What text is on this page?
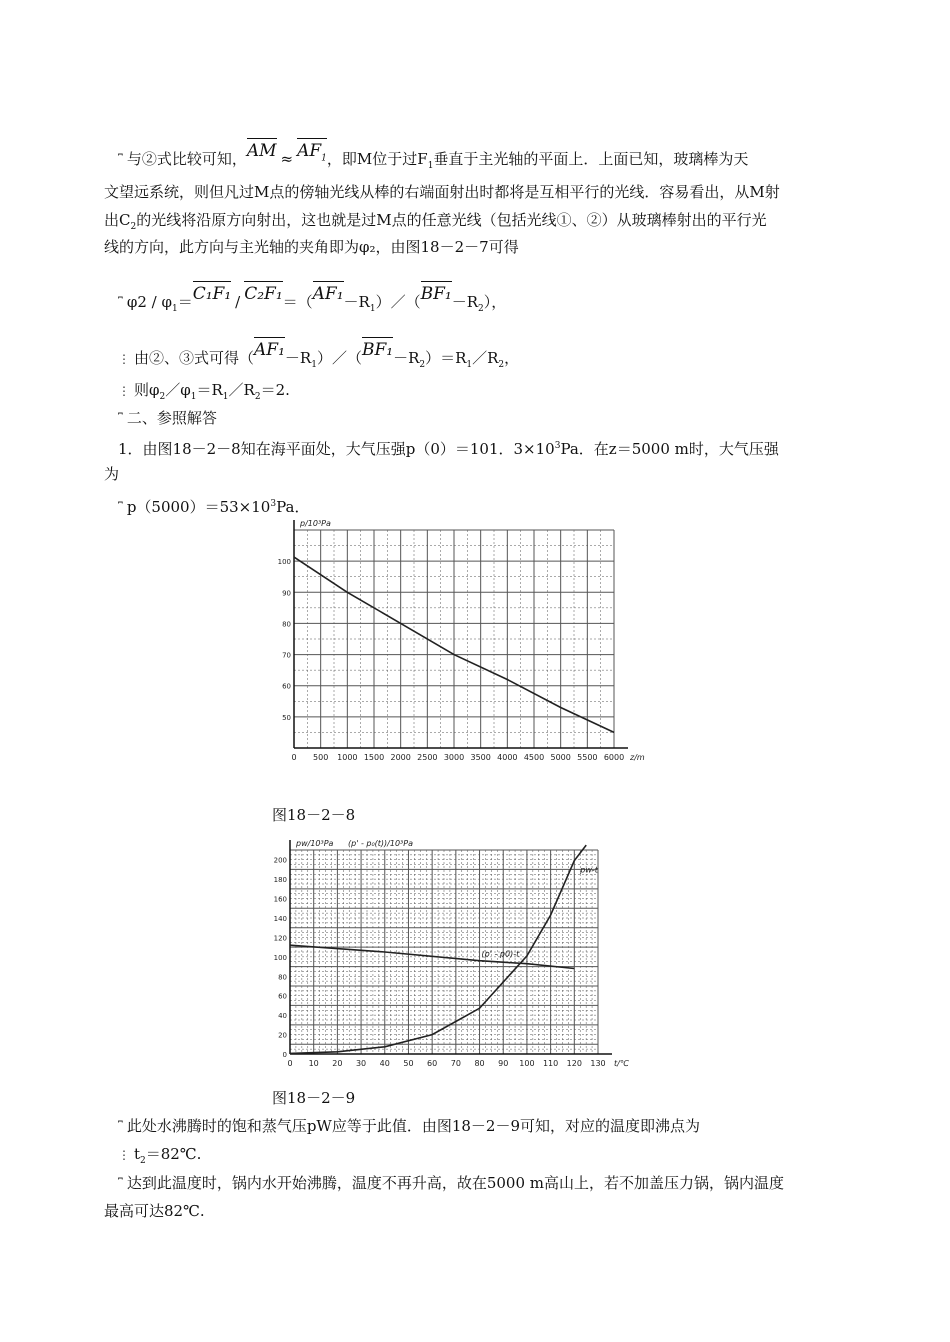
⎴ 与②式比较可知，AM ≈ $AF_1$，即M位于过$F_1$垂直于主光轴的平面上．上面已知，玻璃棒为天
文望远系统，则但凡过M点的傍轴光线从棒的右端面射出时都将是互相平行的光线．容易看出，从M射
出$C_2$的光线将沿原方向射出，这也就是过M点的任意光线（包括光线①、②）从玻璃棒射出的平行光
线的方向，此方向与主光轴的夹角即为φ₂，由图18－2－7可得
⎴ $\varphi 2 / \varphi_1=C_1F_1$ / $C_2F_1=(AF_1-R_1)/(BF_1-R_2)$，
⋮ 由②、③式可得$(AF_1-R_1)/(BF_1-R_2)=R_1/R_2$，
⋮ 则$\varphi_2/\varphi_1=R_1/R_2=2$.
⎴ 二、参照解答
1．由图18－2－8知在海平面处，大气压强p（0）＝101．$3\times 10^3Pa$．在z＝5000 m时，大气压强
为
⎴ $p(5000)=53\times 10^3Pa$．
0 500 1000 1500 2000 2500 3000 3500 4000 4500 5000 5500 6000
50
60
70
80
90
100
p/10³Pa
z/m
图18－2－8
0 10 20 30 40 50 60 70 80 90 100 110 120 130
0
20
40
60
80
100
120
140
160
180
200
pw/10³Pa
t/℃
(p' - p₀(t))/10³Pa
pw-t
(p' - p0)-t
图18－2－9
⎴ 此处水沸腾时的饱和蒸气压pW应等于此值．由图18－2－9可知，对应的温度即沸点为
⋮ $t_2=82℃$.
⎴ 达到此温度时，锅内水开始沸腾，温度不再升高，故在5000 m高山上，若不加盖压力锅，锅内温度
最高可达82℃.
